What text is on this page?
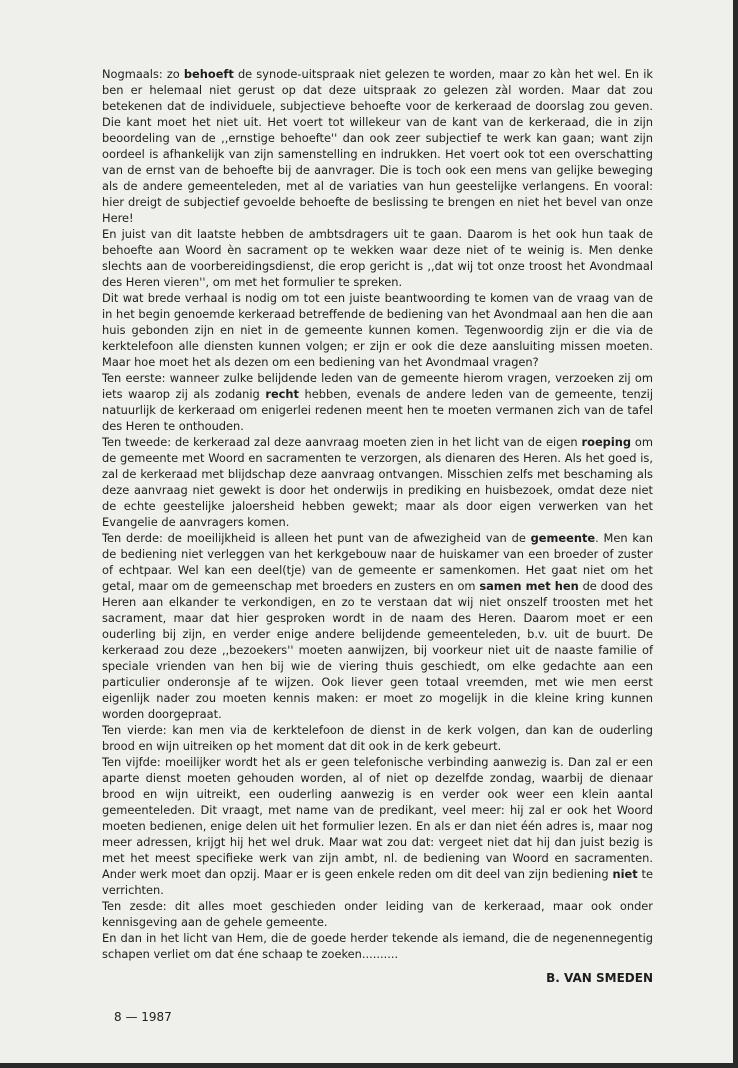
Nogmaals: zo behoeft de synode-uitspraak niet gelezen te worden, maar zo kàn het wel. En ik ben er helemaal niet gerust op dat deze uitspraak zo gelezen zàl worden. Maar dat zou betekenen dat de individuele, subjectieve behoefte voor de kerkeraad de doorslag zou geven. Die kant moet het niet uit. Het voert tot willekeur van de kant van de kerkeraad, die in zijn beoordeling van de ,,ernstige behoefte'' dan ook zeer subjectief te werk kan gaan; want zijn oordeel is afhankelijk van zijn samenstelling en indrukken. Het voert ook tot een overschatting van de ernst van de behoefte bij de aanvrager. Die is toch ook een mens van gelijke beweging als de andere gemeenteleden, met al de variaties van hun geestelijke verlangens. En vooral: hier dreigt de subjectief gevoelde behoefte de beslissing te brengen en niet het bevel van onze Here!

En juist van dit laatste hebben de ambtsdragers uit te gaan. Daarom is het ook hun taak de behoefte aan Woord èn sacrament op te wekken waar deze niet of te weinig is. Men denke slechts aan de voorbereidingsdienst, die erop gericht is ,,dat wij tot onze troost het Avondmaal des Heren vieren'', om met het formulier te spreken.

Dit wat brede verhaal is nodig om tot een juiste beantwoording te komen van de vraag van de in het begin genoemde kerkeraad betreffende de bediening van het Avondmaal aan hen die aan huis gebonden zijn en niet in de gemeente kunnen komen. Tegenwoordig zijn er die via de kerktelefoon alle diensten kunnen volgen; er zijn er ook die deze aansluiting missen moeten. Maar hoe moet het als dezen om een bediening van het Avondmaal vragen?

Ten eerste: wanneer zulke belijdende leden van de gemeente hierom vragen, verzoeken zij om iets waarop zij als zodanig recht hebben, evenals de andere leden van de gemeente, tenzij natuurlijk de kerkeraad om enigerlei redenen meent hen te moeten vermanen zich van de tafel des Heren te onthouden.

Ten tweede: de kerkeraad zal deze aanvraag moeten zien in het licht van de eigen roeping om de gemeente met Woord en sacramenten te verzorgen, als dienaren des Heren. Als het goed is, zal de kerkeraad met blijdschap deze aanvraag ontvangen. Misschien zelfs met beschaming als deze aanvraag niet gewekt is door het onderwijs in prediking en huisbezoek, omdat deze niet de echte geestelijke jaloersheid hebben gewekt; maar als door eigen verwerken van het Evangelie de aanvragers komen.

Ten derde: de moeilijkheid is alleen het punt van de afwezigheid van de gemeente. Men kan de bediening niet verleggen van het kerkgebouw naar de huiskamer van een broeder of zuster of echtpaar. Wel kan een deel(tje) van de gemeente er samenkomen. Het gaat niet om het getal, maar om de gemeenschap met broeders en zusters en om samen met hen de dood des Heren aan elkander te verkondigen, en zo te verstaan dat wij niet onszelf troosten met het sacrament, maar dat hier gesproken wordt in de naam des Heren. Daarom moet er een ouderling bij zijn, en verder enige andere belijdende gemeenteleden, b.v. uit de buurt. De kerkeraad zou deze ,,bezoekers'' moeten aanwijzen, bij voorkeur niet uit de naaste familie of speciale vrienden van hen bij wie de viering thuis geschiedt, om elke gedachte aan een particulier onderonsje af te wijzen. Ook liever geen totaal vreemden, met wie men eerst eigenlijk nader zou moeten kennis maken: er moet zo mogelijk in die kleine kring kunnen worden doorgepraat.

Ten vierde: kan men via de kerktelefoon de dienst in de kerk volgen, dan kan de ouderling brood en wijn uitreiken op het moment dat dit ook in de kerk gebeurt.

Ten vijfde: moeilijker wordt het als er geen telefonische verbinding aanwezig is. Dan zal er een aparte dienst moeten gehouden worden, al of niet op dezelfde zondag, waarbij de dienaar brood en wijn uitreikt, een ouderling aanwezig is en verder ook weer een klein aantal gemeenteleden. Dit vraagt, met name van de predikant, veel meer: hij zal er ook het Woord moeten bedienen, enige delen uit het formulier lezen. En als er dan niet één adres is, maar nog meer adressen, krijgt hij het wel druk. Maar wat zou dat: vergeet niet dat hij dan juist bezig is met het meest specifieke werk van zijn ambt, nl. de bediening van Woord en sacramenten. Ander werk moet dan opzij. Maar er is geen enkele reden om dit deel van zijn bediening niet te verrichten.

Ten zesde: dit alles moet geschieden onder leiding van de kerkeraad, maar ook onder kennisgeving aan de gehele gemeente.

En dan in het licht van Hem, die de goede herder tekende als iemand, die de negenennegentig schapen verliet om dat éne schaap te zoeken..........

B. VAN SMEDEN
8 — 1987
